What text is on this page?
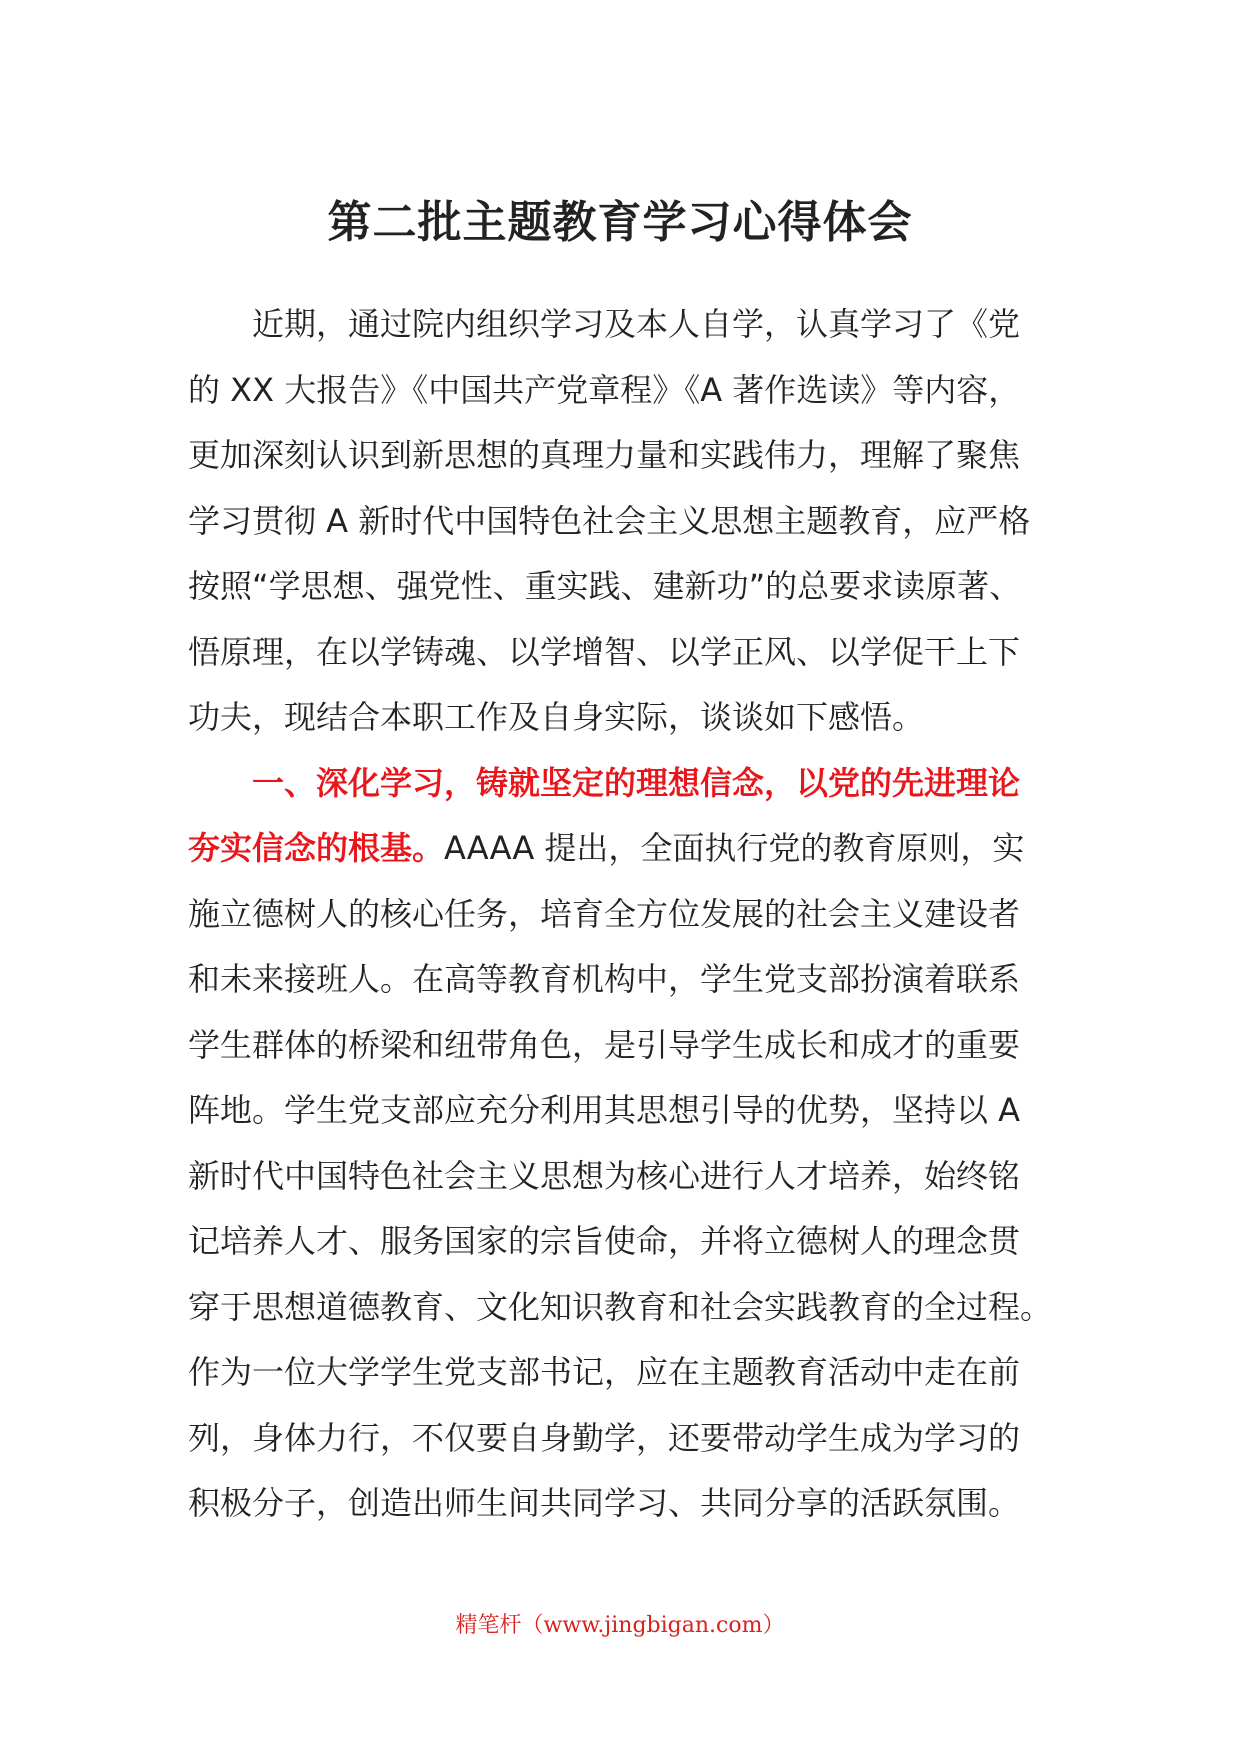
第二批主题教育学习心得体会
近期，通过院内组织学习及本人自学，认真学习了《党
的 XX 大报告》《中国共产党章程》《A 著作选读》等内容，
更加深刻认识到新思想的真理力量和实践伟力，理解了聚焦
学习贯彻 A 新时代中国特色社会主义思想主题教育，应严格
按照“学思想、强党性、重实践、建新功”的总要求读原著、
悟原理，在以学铸魂、以学增智、以学正风、以学促干上下
功夫，现结合本职工作及自身实际，谈谈如下感悟。
一、深化学习，铸就坚定的理想信念，以党的先进理论
夯实信念的根基。AAAA 提出，全面执行党的教育原则，实
施立德树人的核心任务，培育全方位发展的社会主义建设者
和未来接班人。在高等教育机构中，学生党支部扮演着联系
学生群体的桥梁和纽带角色，是引导学生成长和成才的重要
阵地。学生党支部应充分利用其思想引导的优势，坚持以 A
新时代中国特色社会主义思想为核心进行人才培养，始终铭
记培养人才、服务国家的宗旨使命，并将立德树人的理念贯
穿于思想道德教育、文化知识教育和社会实践教育的全过程。
作为一位大学学生党支部书记，应在主题教育活动中走在前
列，身体力行，不仅要自身勤学，还要带动学生成为学习的
积极分子，创造出师生间共同学习、共同分享的活跃氛围。
精笔杆（www.jingbigan.com）
